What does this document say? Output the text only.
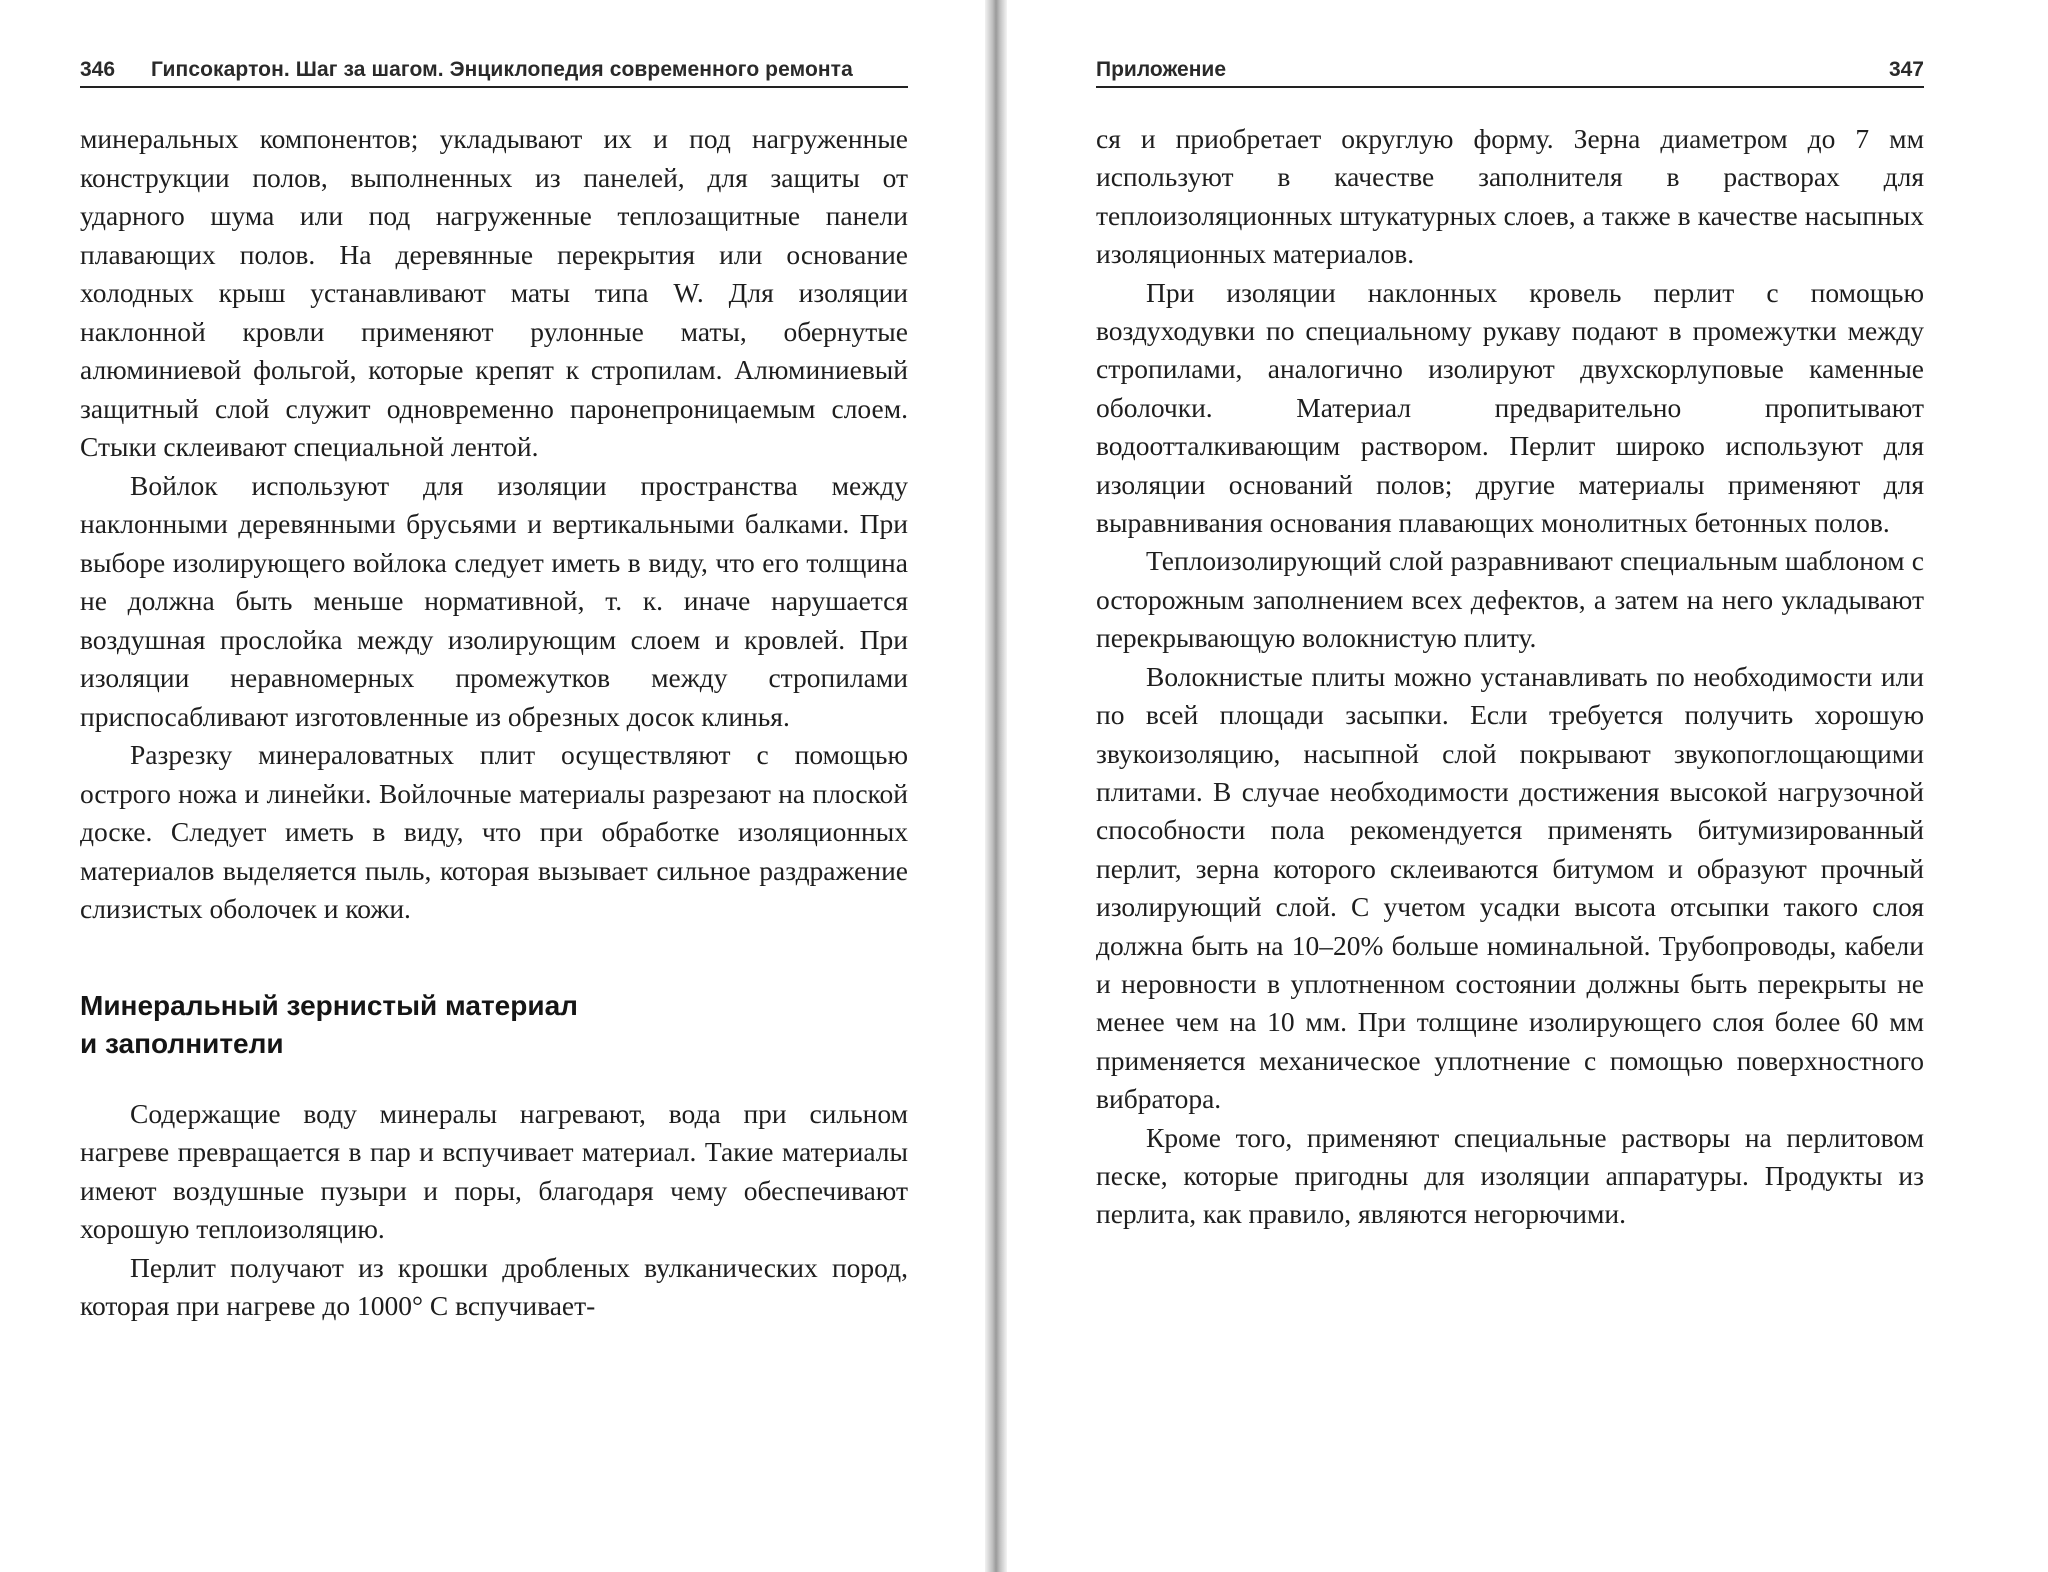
346 Гипсокартон. Шаг за шагом. Энциклопедия современного ремонта

минеральных компонентов; укладывают их и под нагруженные конструкции полов, выполненных из панелей, для защиты от ударного шума или под нагруженные теплозащитные панели плавающих полов. На деревянные перекрытия или основание холодных крыш устанавливают маты типа W. Для изоляции наклонной кровли применяют рулонные маты, обернутые алюминиевой фольгой, которые крепят к стропилам. Алюминиевый защитный слой служит одновременно паронепроницаемым слоем. Стыки склеивают специальной лентой.

Войлок используют для изоляции пространства между наклонными деревянными брусьями и вертикальными балками. При выборе изолирующего войлока следует иметь в виду, что его толщина не должна быть меньше нормативной, т. к. иначе нарушается воздушная прослойка между изолирующим слоем и кровлей. При изоляции неравномерных промежутков между стропилами приспосабливают изготовленные из обрезных досок клинья.

Разрезку минераловатных плит осуществляют с помощью острого ножа и линейки. Войлочные материалы разрезают на плоской доске. Следует иметь в виду, что при обработке изоляционных материалов выделяется пыль, которая вызывает сильное раздражение слизистых оболочек и кожи.

Минеральный зернистый материал
и заполнители

Содержащие воду минералы нагревают, вода при сильном нагреве превращается в пар и вспучивает материал. Такие материалы имеют воздушные пузыри и поры, благодаря чему обеспечивают хорошую теплоизоляцию.

Перлит получают из крошки дробленых вулканических пород, которая при нагреве до 1000° С вспучивает-

Приложение	347

ся и приобретает округлую форму. Зерна диаметром до 7 мм используют в качестве заполнителя в растворах для теплоизоляционных штукатурных слоев, а также в качестве насыпных изоляционных материалов.

При изоляции наклонных кровель перлит с помощью воздуходувки по специальному рукаву подают в промежутки между стропилами, аналогично изолируют двухскорлуповые каменные оболочки. Материал предварительно пропитывают водоотталкивающим раствором. Перлит широко используют для изоляции оснований полов; другие материалы применяют для выравнивания основания плавающих монолитных бетонных полов.

Теплоизолирующий слой разравнивают специальным шаблоном с осторожным заполнением всех дефектов, а затем на него укладывают перекрывающую волокнистую плиту.

Волокнистые плиты можно устанавливать по необходимости или по всей площади засыпки. Если требуется получить хорошую звукоизоляцию, насыпной слой покрывают звукопоглощающими плитами. В случае необходимости достижения высокой нагрузочной способности пола рекомендуется применять битумизированный перлит, зерна которого склеиваются битумом и образуют прочный изолирующий слой. С учетом усадки высота отсыпки такого слоя должна быть на 10–20% больше номинальной. Трубопроводы, кабели и неровности в уплотненном состоянии должны быть перекрыты не менее чем на 10 мм. При толщине изолирующего слоя более 60 мм применяется механическое уплотнение с помощью поверхностного вибратора.

Кроме того, применяют специальные растворы на перлитовом песке, которые пригодны для изоляции аппаратуры. Продукты из перлита, как правило, являются негорючими.
